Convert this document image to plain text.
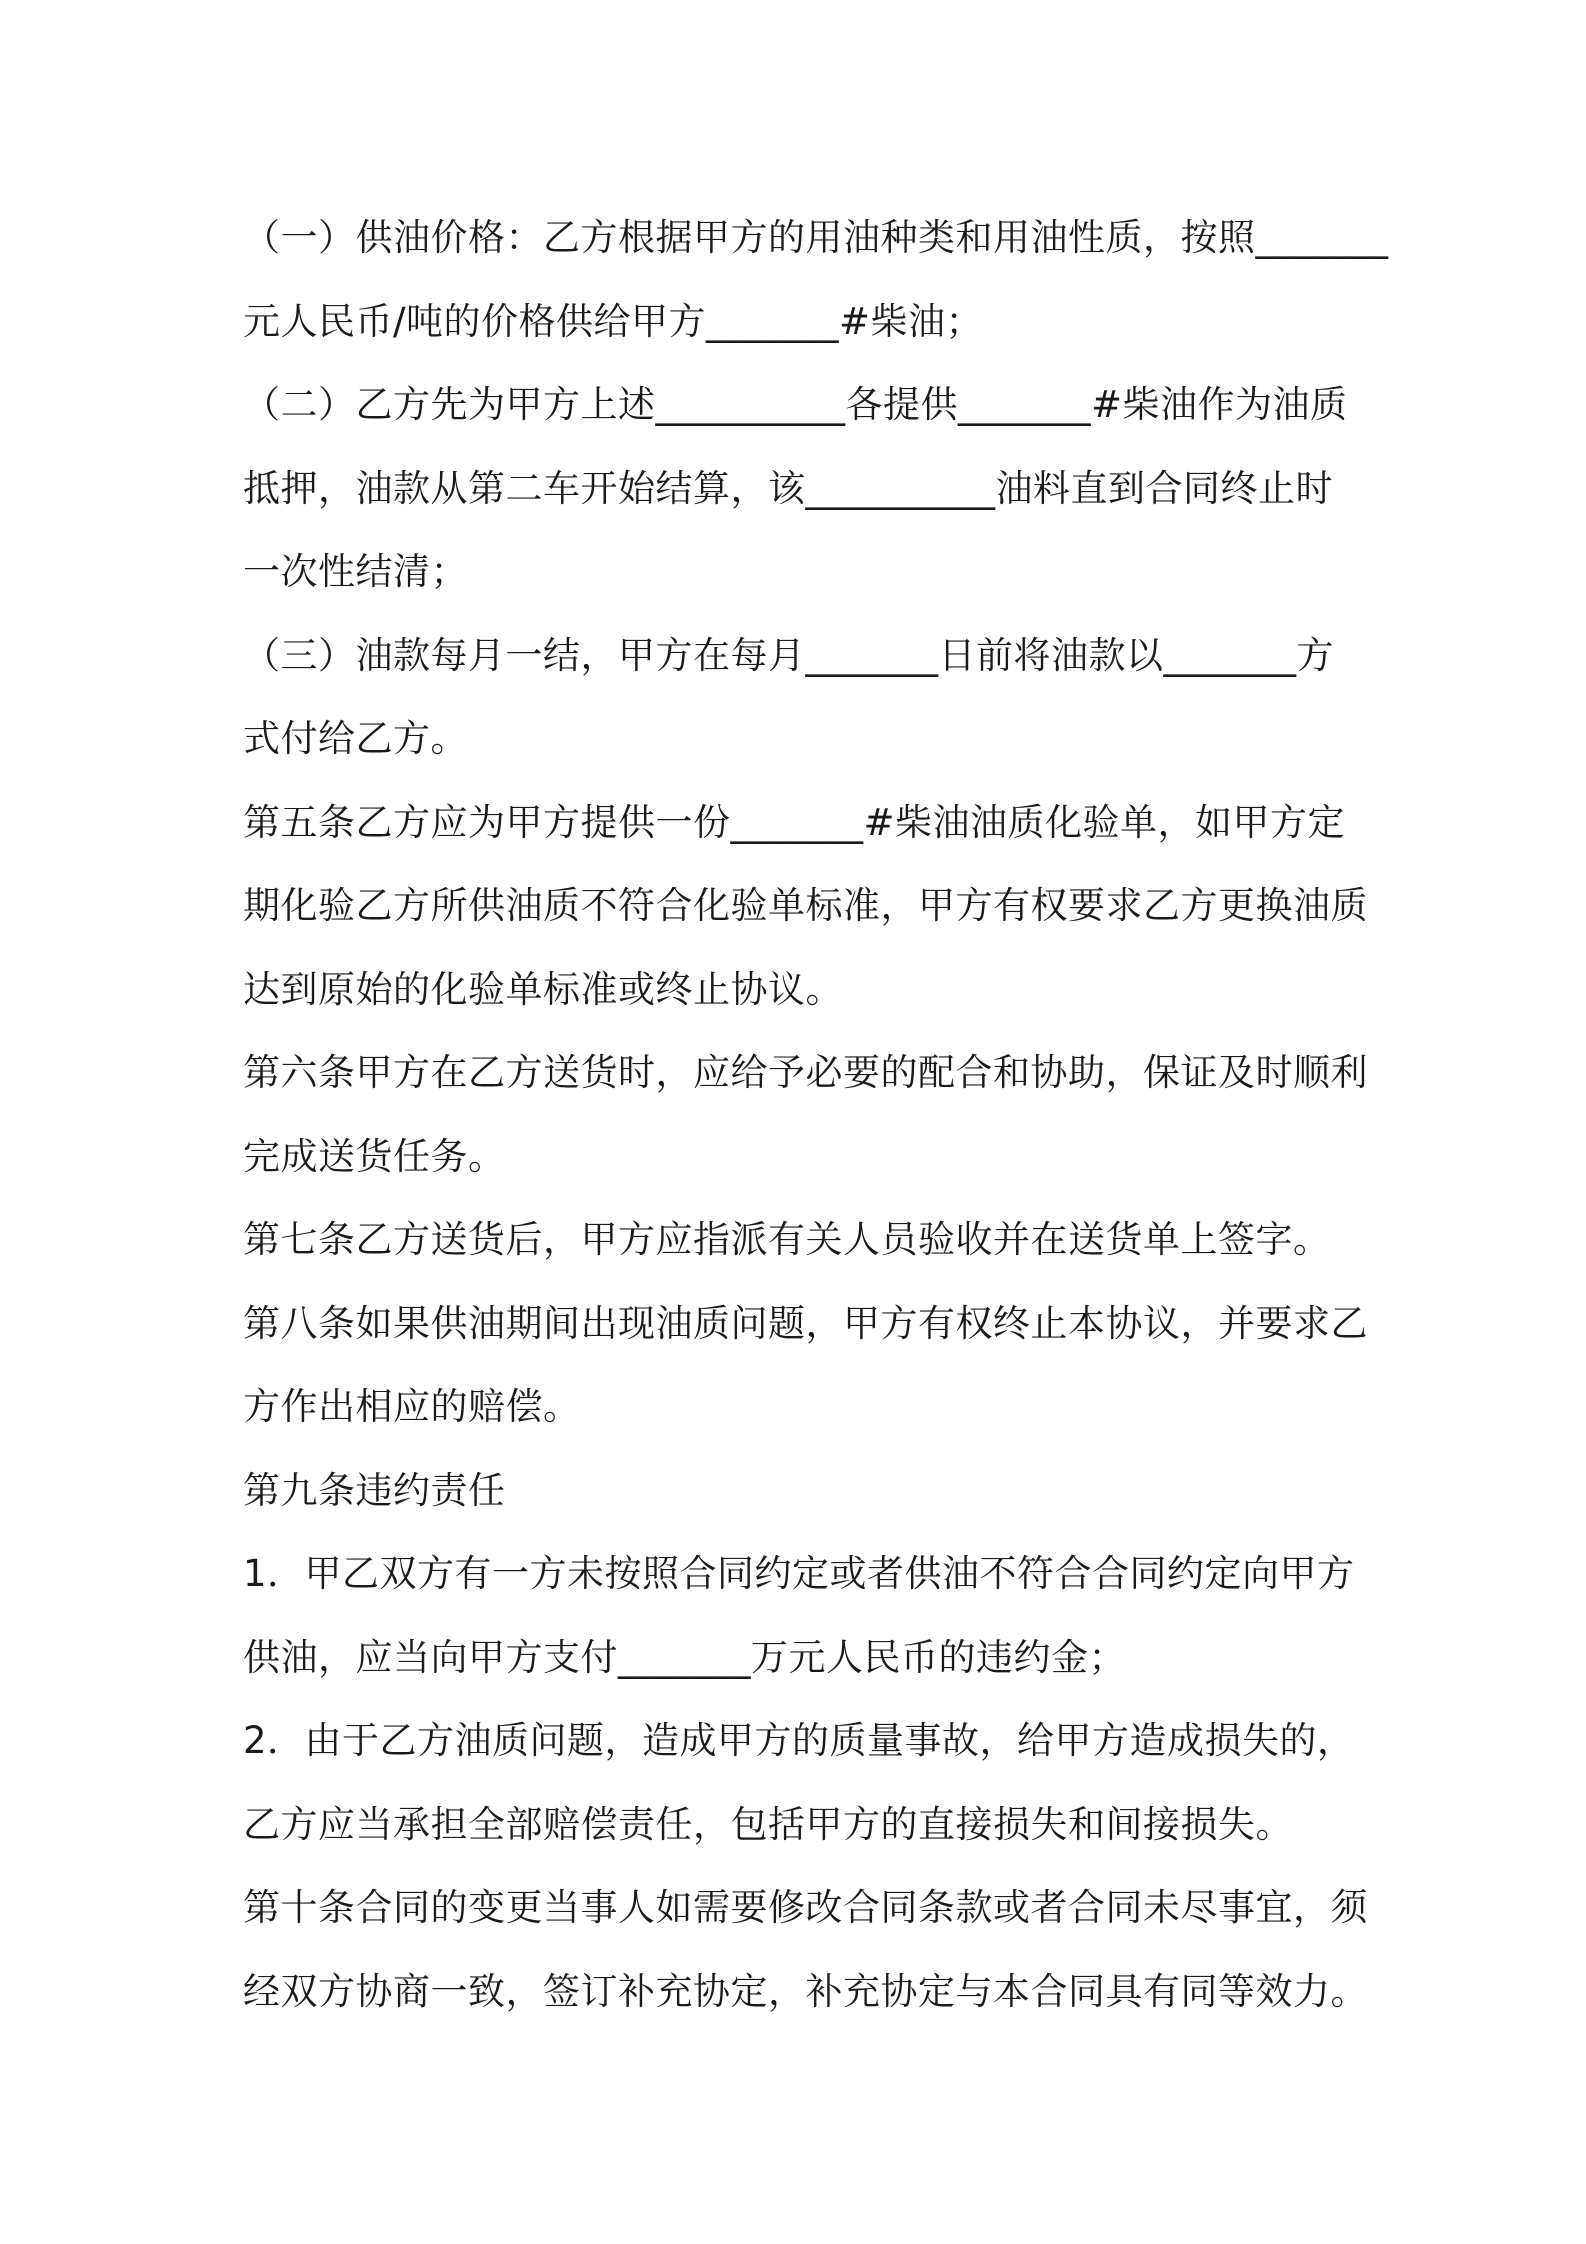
（一）供油价格：乙方根据甲方的用油种类和用油性质，按照_______
元人民币/吨的价格供给甲方_______#柴油；
（二）乙方先为甲方上述__________各提供_______#柴油作为油质
抵押，油款从第二车开始结算，该__________油料直到合同终止时
一次性结清；
（三）油款每月一结，甲方在每月_______日前将油款以_______方
式付给乙方。
第五条乙方应为甲方提供一份_______#柴油油质化验单，如甲方定
期化验乙方所供油质不符合化验单标准，甲方有权要求乙方更换油质
达到原始的化验单标准或终止协议。
第六条甲方在乙方送货时，应给予必要的配合和协助，保证及时顺利
完成送货任务。
第七条乙方送货后，甲方应指派有关人员验收并在送货单上签字。
第八条如果供油期间出现油质问题，甲方有权终止本协议，并要求乙
方作出相应的赔偿。
第九条违约责任
1．甲乙双方有一方未按照合同约定或者供油不符合合同约定向甲方
供油，应当向甲方支付_______万元人民币的违约金；
2．由于乙方油质问题，造成甲方的质量事故，给甲方造成损失的，
乙方应当承担全部赔偿责任，包括甲方的直接损失和间接损失。
第十条合同的变更当事人如需要修改合同条款或者合同未尽事宜，须
经双方协商一致，签订补充协定，补充协定与本合同具有同等效力。
